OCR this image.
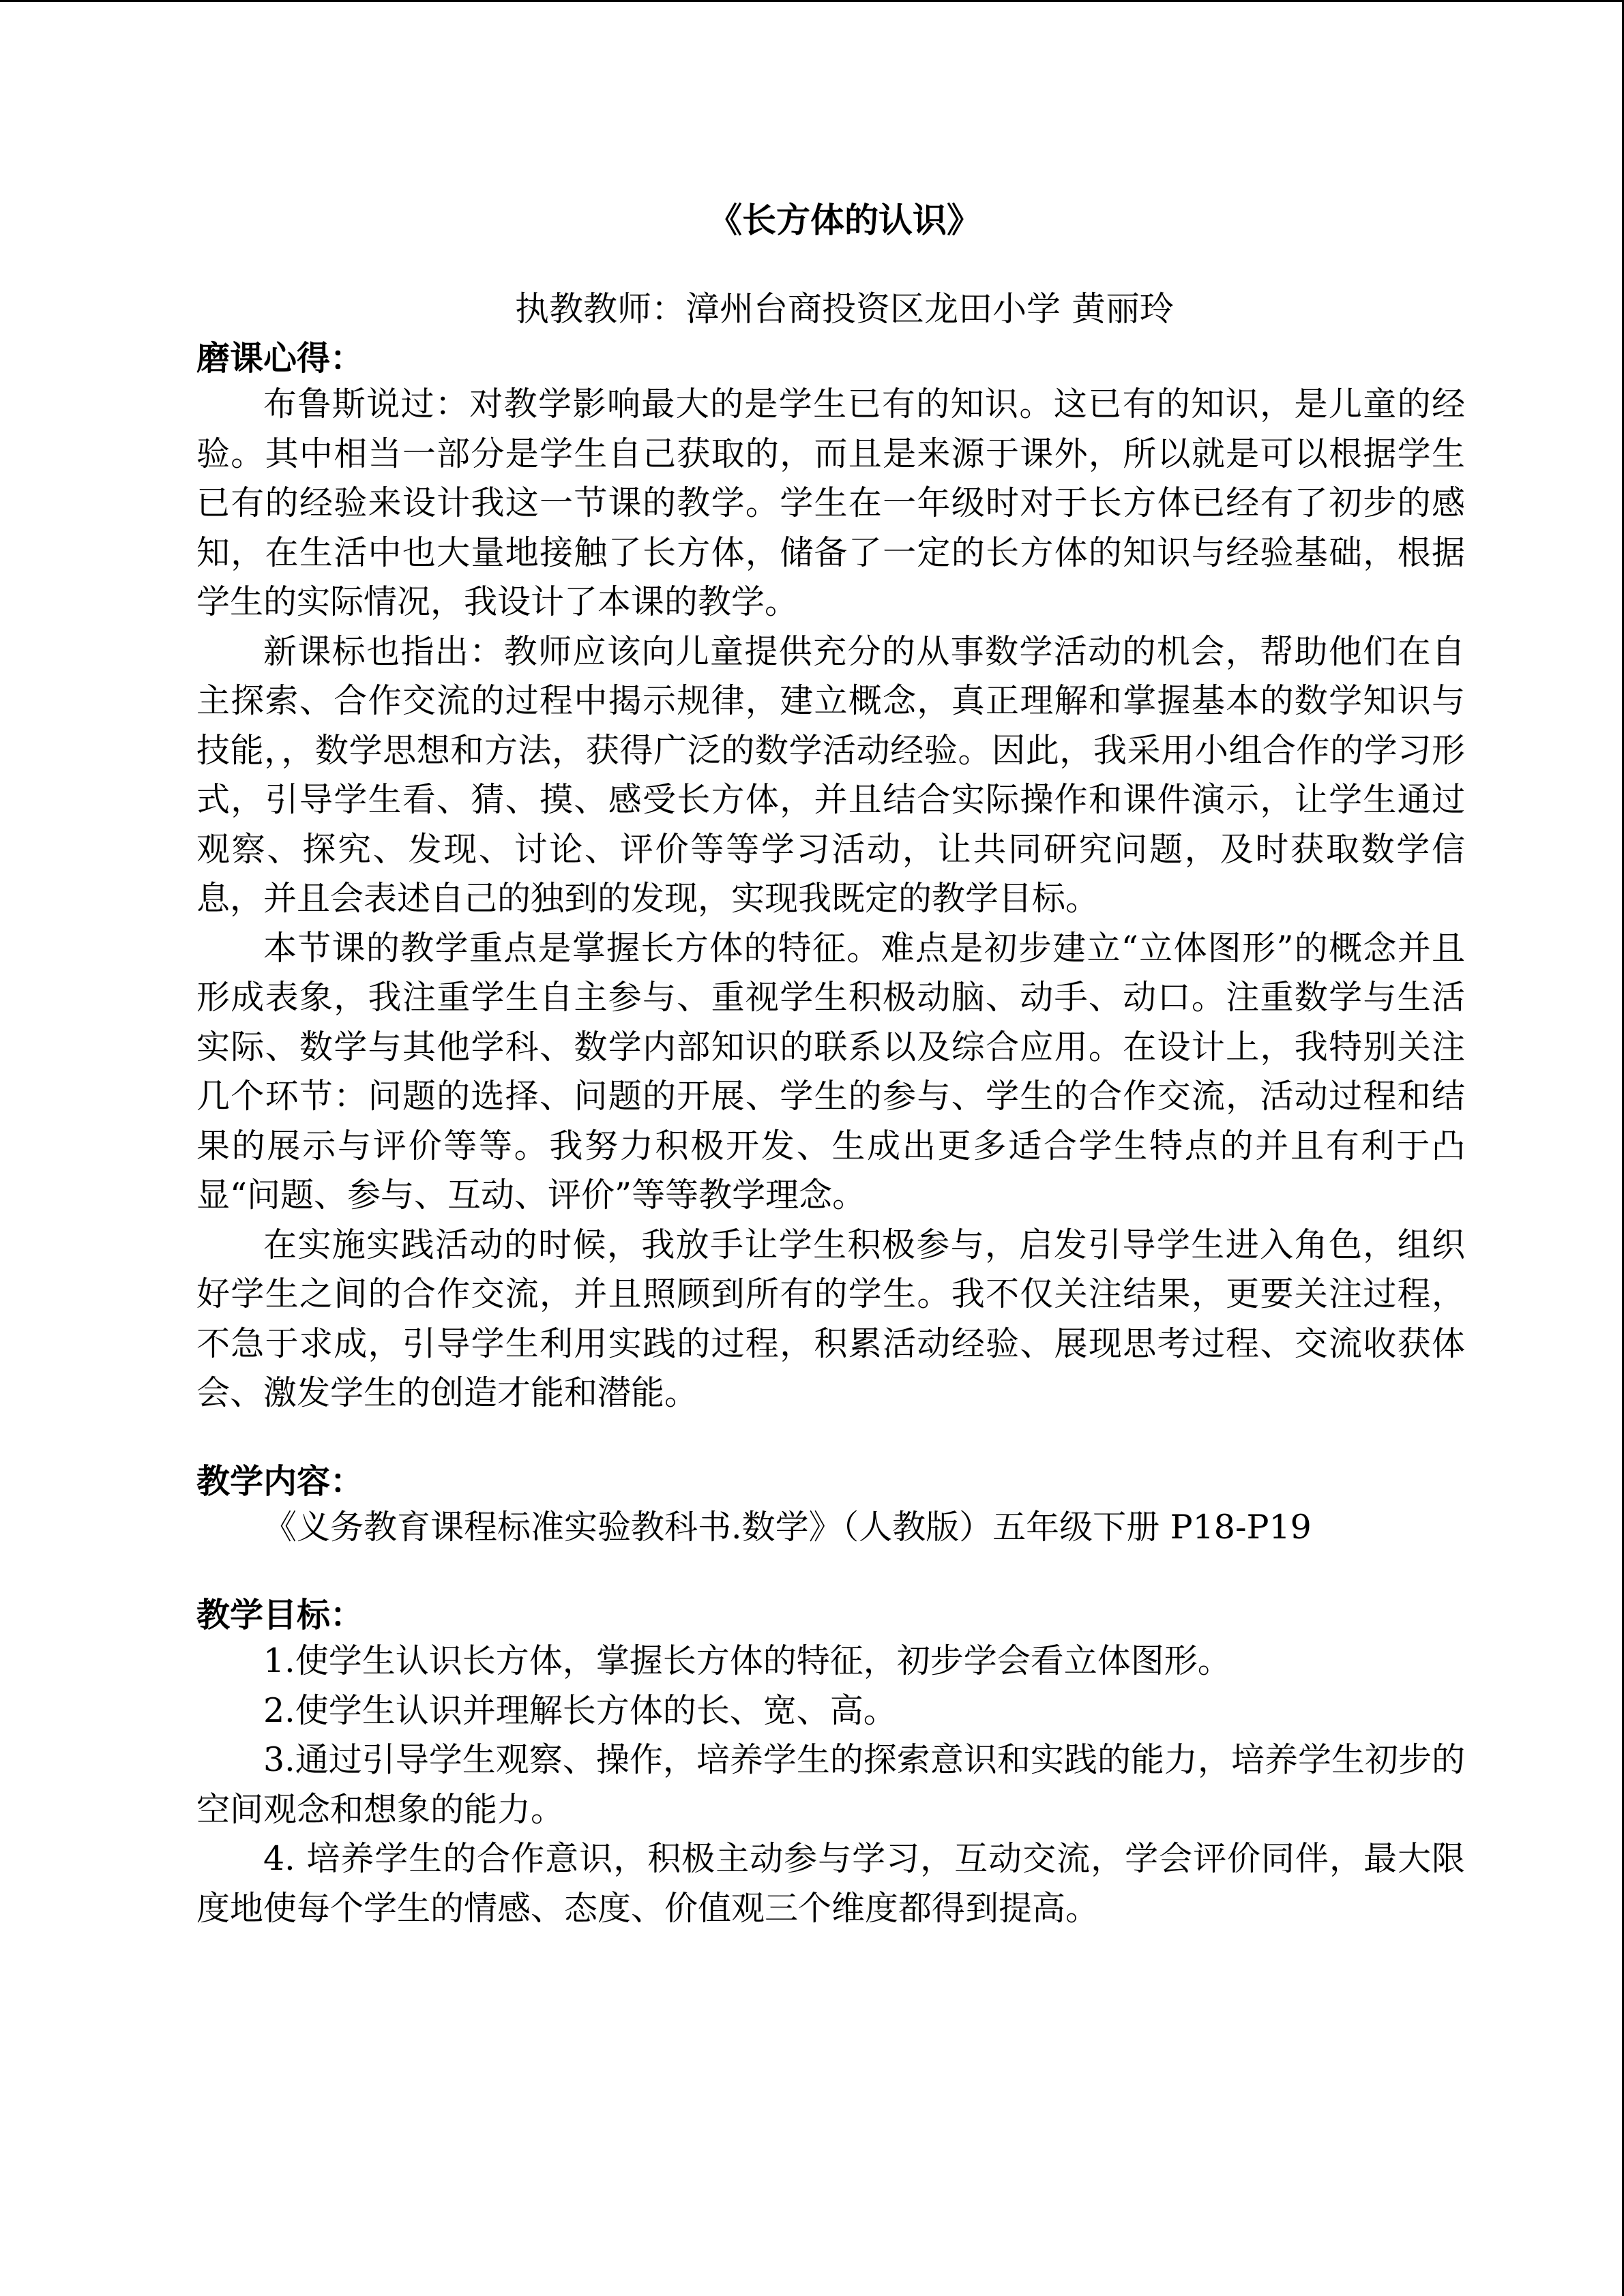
《长方体的认识》
执教教师：漳州台商投资区龙田小学 黄丽玲
磨课心得：

布鲁斯说过：对教学影响最大的是学生已有的知识。这已有的知识，是儿童的经验。其中相当一部分是学生自己获取的，而且是来源于课外，所以就是可以根据学生已有的经验来设计我这一节课的教学。学生在一年级时对于长方体已经有了初步的感知，在生活中也大量地接触了长方体，储备了一定的长方体的知识与经验基础，根据学生的实际情况，我设计了本课的教学。

新课标也指出：教师应该向儿童提供充分的从事数学活动的机会，帮助他们在自主探索、合作交流的过程中揭示规律，建立概念，真正理解和掌握基本的数学知识与技能，，数学思想和方法，获得广泛的数学活动经验。因此，我采用小组合作的学习形式，引导学生看、猜、摸、感受长方体，并且结合实际操作和课件演示，让学生通过观察、探究、发现、讨论、评价等等学习活动，让共同研究问题，及时获取数学信息，并且会表述自己的独到的发现，实现我既定的教学目标。

本节课的教学重点是掌握长方体的特征。难点是初步建立“立体图形”的概念并且形成表象，我注重学生自主参与、重视学生积极动脑、动手、动口。注重数学与生活实际、数学与其他学科、数学内部知识的联系以及综合应用。在设计上，我特别关注几个环节：问题的选择、问题的开展、学生的参与、学生的合作交流，活动过程和结果的展示与评价等等。我努力积极开发、生成出更多适合学生特点的并且有利于凸显“问题、参与、互动、评价”等等教学理念。

在实施实践活动的时候，我放手让学生积极参与，启发引导学生进入角色，组织好学生之间的合作交流，并且照顾到所有的学生。我不仅关注结果，更要关注过程，不急于求成，引导学生利用实践的过程，积累活动经验、展现思考过程、交流收获体会、激发学生的创造才能和潜能。

教学内容：

《义务教育课程标准实验教科书.数学》（人教版）五年级下册 P18-P19

教学目标：

1.使学生认识长方体，掌握长方体的特征，初步学会看立体图形。

2.使学生认识并理解长方体的长、宽、高。

3.通过引导学生观察、操作，培养学生的探索意识和实践的能力，培养学生初步的空间观念和想象的能力。

4. 培养学生的合作意识，积极主动参与学习，互动交流，学会评价同伴，最大限度地使每个学生的情感、态度、价值观三个维度都得到提高。
